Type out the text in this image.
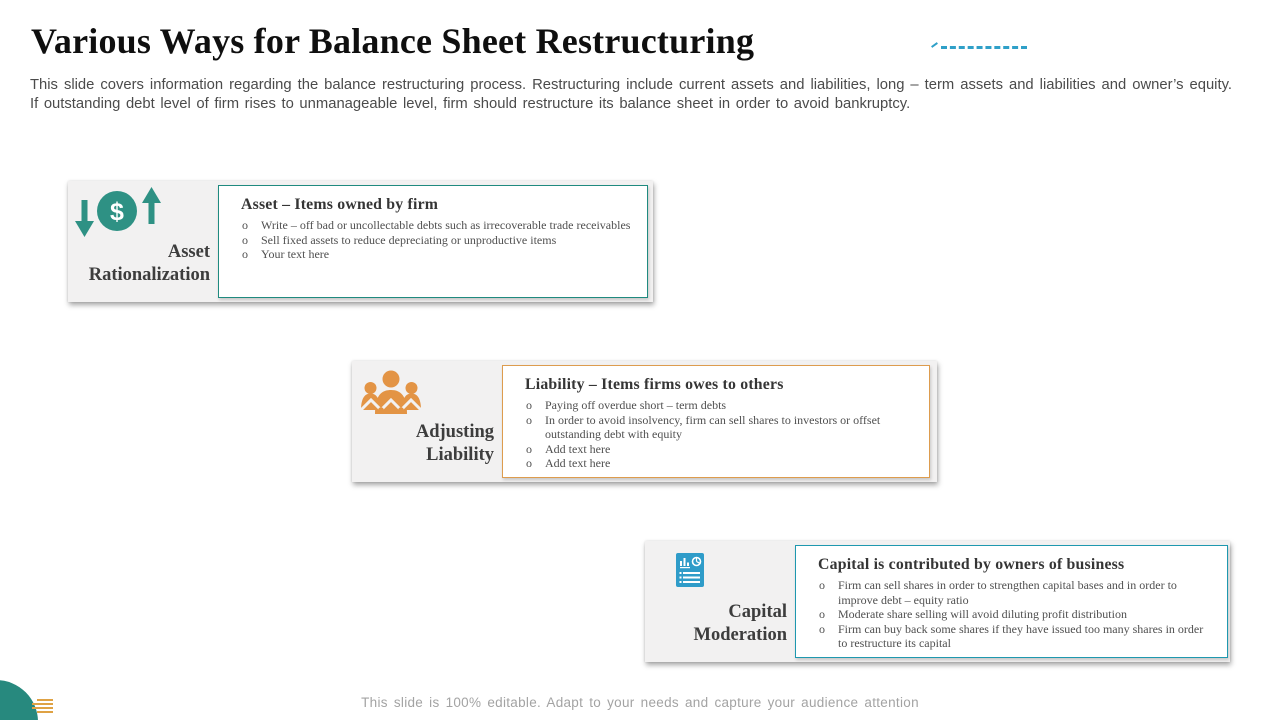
Various Ways for Balance Sheet Restructuring

This slide covers information regarding the balance restructuring process. Restructuring include current assets and liabilities, long – term assets and liabilities and owner’s equity. If outstanding debt level of firm rises to unmanageable level, firm should restructure its balance sheet in order to avoid bankruptcy.

$
Asset
Rationalization
Asset – Items owned by firm
o	Write – off bad or uncollectable debts such as irrecoverable trade receivables
o	Sell fixed assets to reduce depreciating or unproductive items
o	Your text here
Adjusting
Liability
Liability – Items firms owes to others
o	Paying off overdue short – term debts
o	In order to avoid insolvency, firm can sell shares to investors or offset outstanding debt with equity
o	Add text here
o	Add text here
Capital
Moderation
Capital is contributed by owners of business
o	Firm can sell shares in order to strengthen capital bases and in order to improve debt – equity ratio
o	Moderate share selling will avoid diluting profit distribution
o	Firm can buy back some shares if they have issued too many shares in order to restructure its capital
This slide is 100% editable. Adapt to your needs and capture your audience attention
